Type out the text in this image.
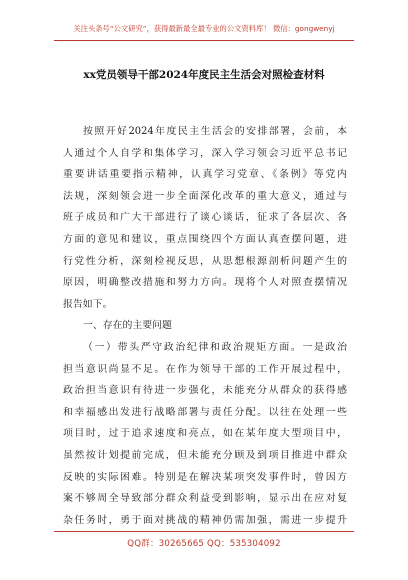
关注头条号“公文研究”，获得最新最全最专业的公文资料库！ 微信：gongwenyj
xx党员领导干部2024年度民主生活会对照检查材料
按照开好2024年度民主生活会的安排部署，会前，本
人通过个人自学和集体学习，深入学习领会习近平总书记
重要讲话重要指示精神，认真学习党章、《条例》等党内
法规，深刻领会进一步全面深化改革的重大意义，通过与
班子成员和广大干部进行了谈心谈话，征求了各层次、各
方面的意见和建议，重点围绕四个方面认真查摆问题，进
行党性分析，深刻检视反思，从思想根源剖析问题产生的
原因，明确整改措施和努力方向。现将个人对照查摆情况
报告如下。
一、存在的主要问题
（一）带头严守政治纪律和政治规矩方面。一是政治
担当意识尚显不足。在作为领导干部的工作开展过程中，
政治担当意识有待进一步强化，未能充分从群众的获得感
和幸福感出发进行战略部署与责任分配。以往在处理一些
项目时，过于追求速度和亮点，如在某年度大型项目中，
虽然按计划提前完成，但未能充分顾及到项目推进中群众
反映的实际困难。特别是在解决某项突发事件时，曾因方
案不够周全导致部分群众利益受到影响，显示出在应对复
杂任务时，勇于面对挑战的精神仍需加强，需进一步提升
QQ群：30265665 QQ：535304092
